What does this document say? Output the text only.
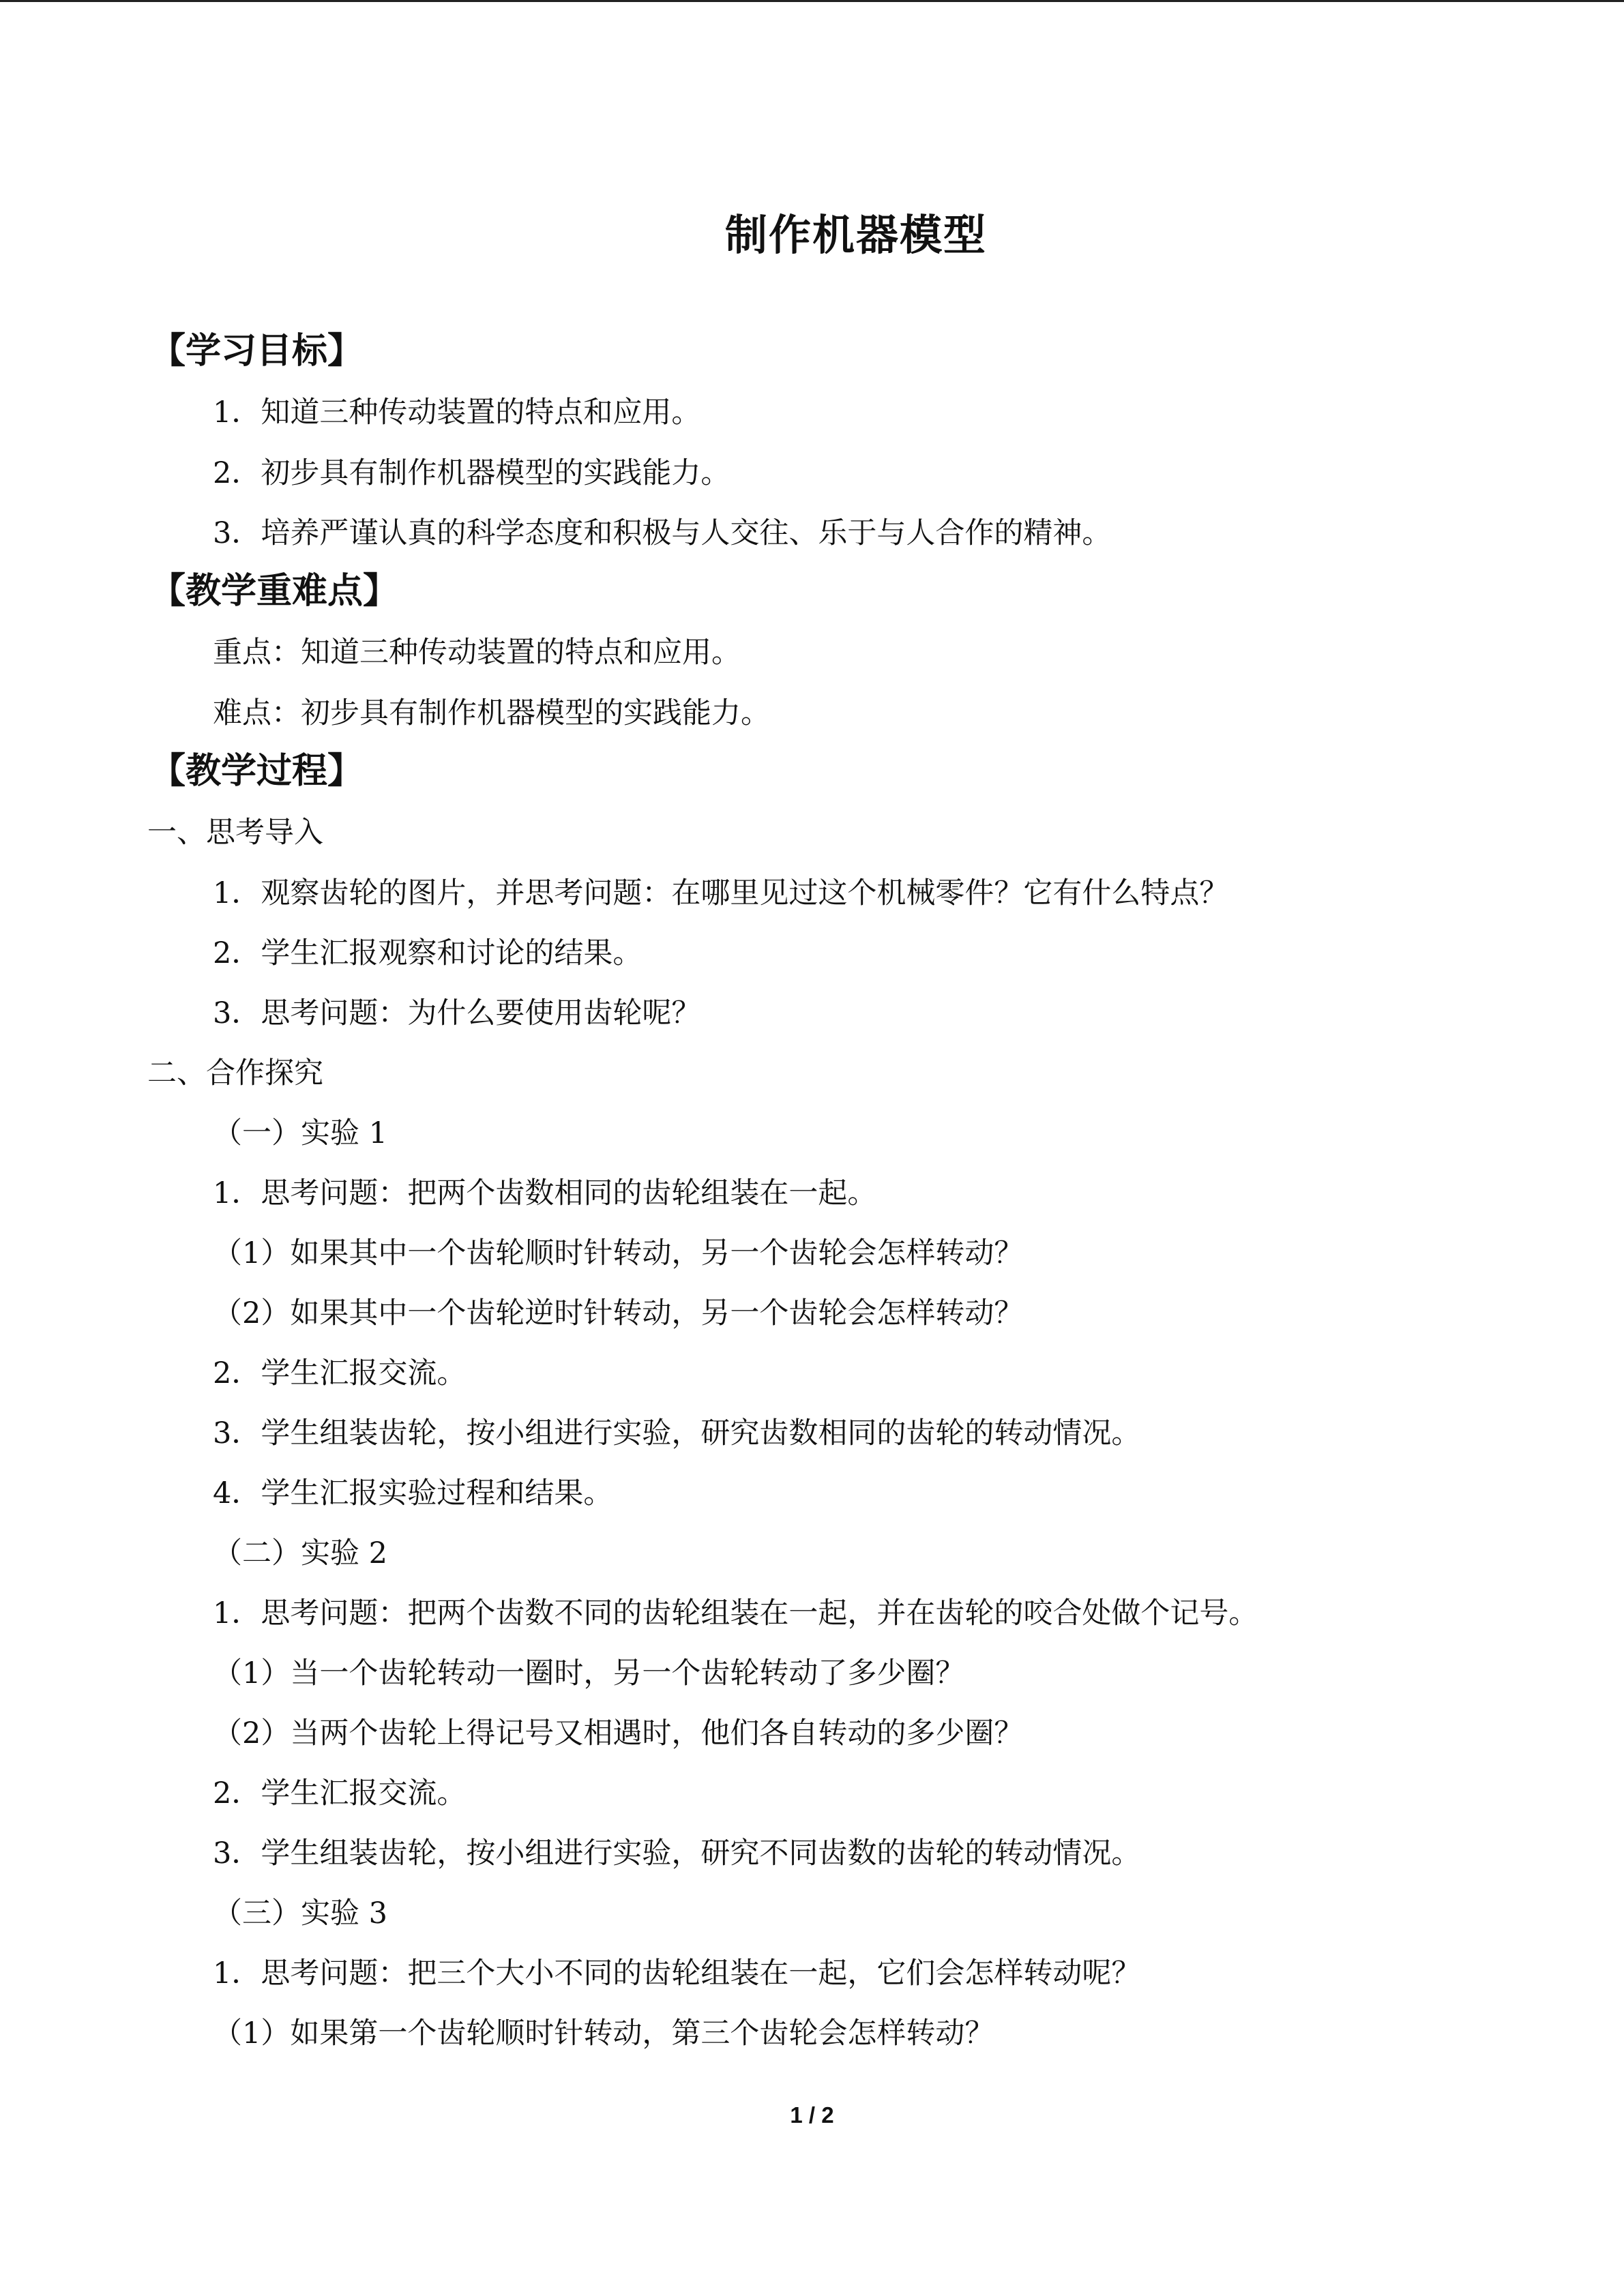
制作机器模型
【学习目标】
1．知道三种传动装置的特点和应用。
2．初步具有制作机器模型的实践能力。
3．培养严谨认真的科学态度和积极与人交往、乐于与人合作的精神。
【教学重难点】
重点：知道三种传动装置的特点和应用。
难点：初步具有制作机器模型的实践能力。
【教学过程】
一、思考导入
1．观察齿轮的图片，并思考问题：在哪里见过这个机械零件？它有什么特点？
2．学生汇报观察和讨论的结果。
3．思考问题：为什么要使用齿轮呢？
二、合作探究
（一）实验 1
1．思考问题：把两个齿数相同的齿轮组装在一起。
（1）如果其中一个齿轮顺时针转动，另一个齿轮会怎样转动？
（2）如果其中一个齿轮逆时针转动，另一个齿轮会怎样转动？
2．学生汇报交流。
3．学生组装齿轮，按小组进行实验，研究齿数相同的齿轮的转动情况。
4．学生汇报实验过程和结果。
（二）实验 2
1．思考问题：把两个齿数不同的齿轮组装在一起，并在齿轮的咬合处做个记号。
（1）当一个齿轮转动一圈时，另一个齿轮转动了多少圈？
（2）当两个齿轮上得记号又相遇时，他们各自转动的多少圈？
2．学生汇报交流。
3．学生组装齿轮，按小组进行实验，研究不同齿数的齿轮的转动情况。
（三）实验 3
1．思考问题：把三个大小不同的齿轮组装在一起，它们会怎样转动呢？
（1）如果第一个齿轮顺时针转动，第三个齿轮会怎样转动？
1 / 2
